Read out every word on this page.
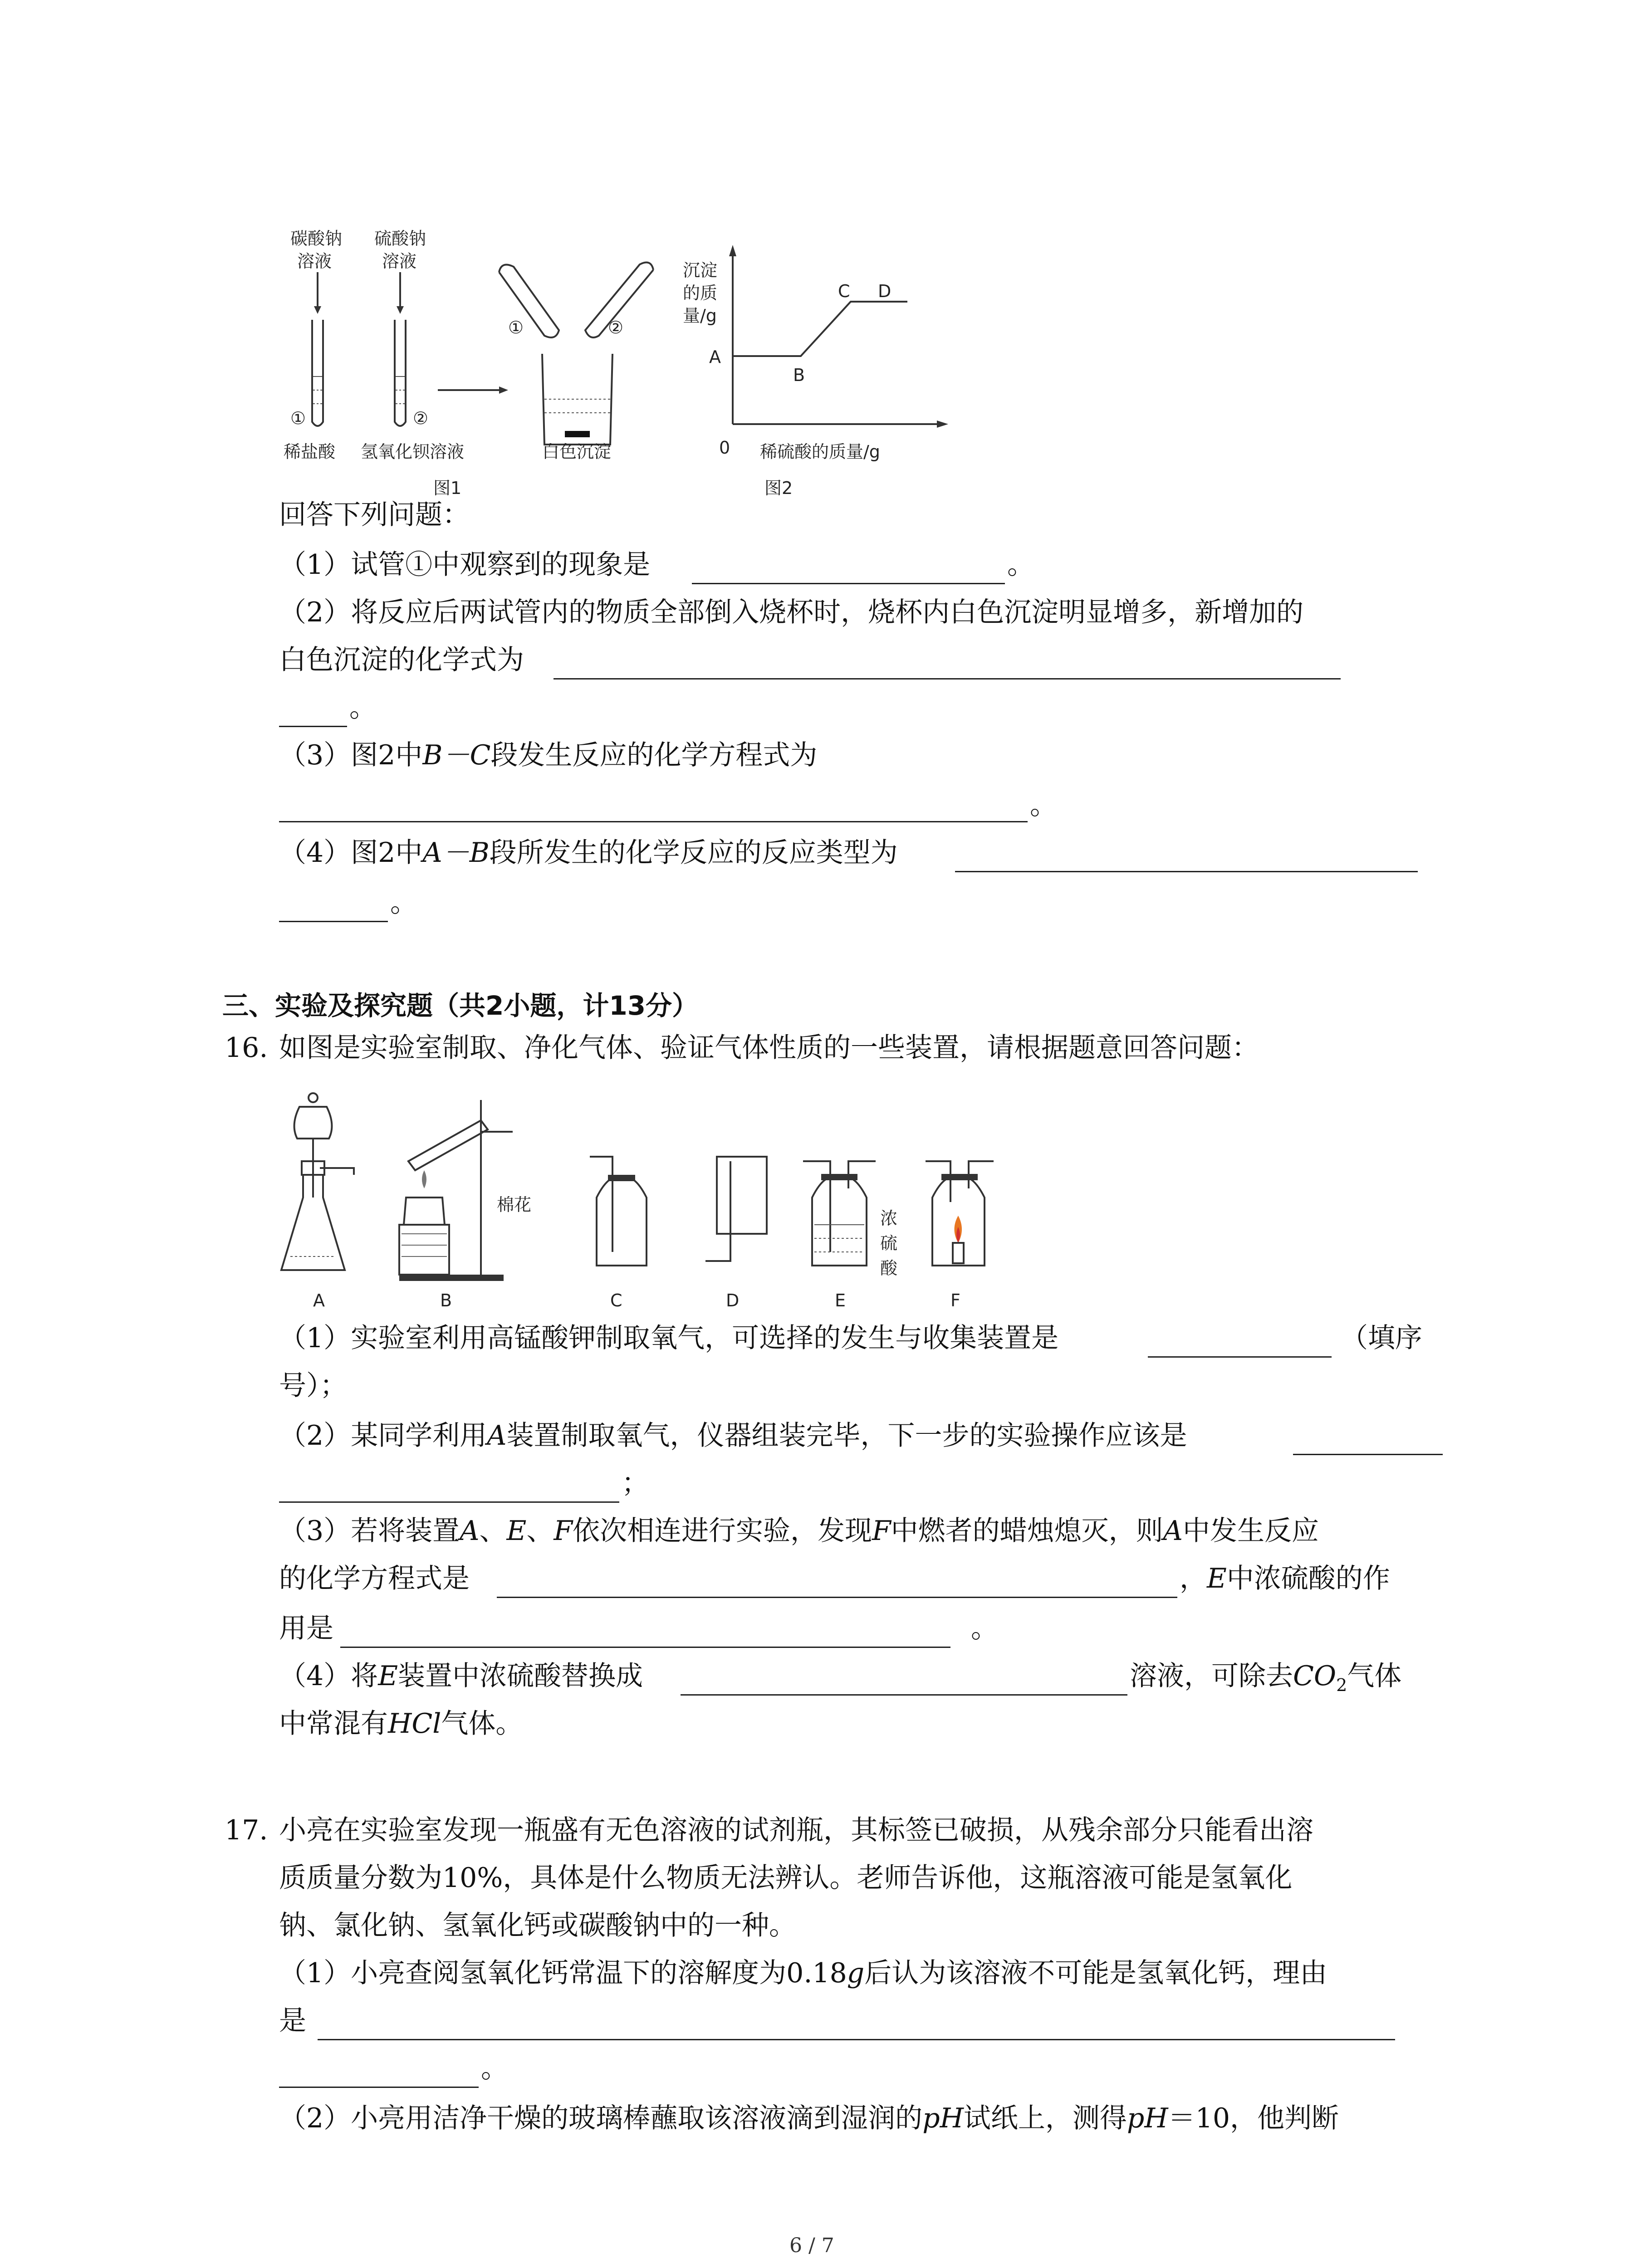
碳酸钠
溶液
硫酸钠
溶液
①	②
①	②
稀盐酸 氢氧化钡溶液	白色沉淀
图1
沉淀
的质
量/g
A
B
C D
0 稀硫酸的质量/g
图2
回答下列问题：
（1）试管①中观察到的现象是	。
（2）将反应后两试管内的物质全部倒入烧杯时，烧杯内白色沉淀明显增多，新增加的
白色沉淀的化学式为
。
（3）图2中B－C段发生反应的化学方程式为
。
（4）图2中A－B段所发生的化学反应的反应类型为
。
三、实验及探究题（共2小题，计13分）
16. 如图是实验室制取、净化气体、验证气体性质的一些装置，请根据题意回答问题：
棉花
浓
硫
酸
A	B	C	D	E	F
（1）实验室利用高锰酸钾制取氧气，可选择的发生与收集装置是	（填序
号）；
（2）某同学利用A装置制取氧气，仪器组装完毕，下一步的实验操作应该是
；
（3）若将装置A、E、F依次相连进行实验，发现F中燃者的蜡烛熄灭，则A中发生反应
的化学方程式是	，E中浓硫酸的作
用是	。
（4）将E装置中浓硫酸替换成	溶液，可除去$CO_2$气体
中常混有HCl气体。
17. 小亮在实验室发现一瓶盛有无色溶液的试剂瓶，其标签已破损，从残余部分只能看出溶
质质量分数为10%，具体是什么物质无法辨认。老师告诉他，这瓶溶液可能是氢氧化
钠、氯化钠、氢氧化钙或碳酸钠中的一种。
（1）小亮查阅氢氧化钙常温下的溶解度为0.18g后认为该溶液不可能是氢氧化钙，理由
是
。
（2）小亮用洁净干燥的玻璃棒蘸取该溶液滴到湿润的pH试纸上，测得pH＝10，他判断
6 / 7
